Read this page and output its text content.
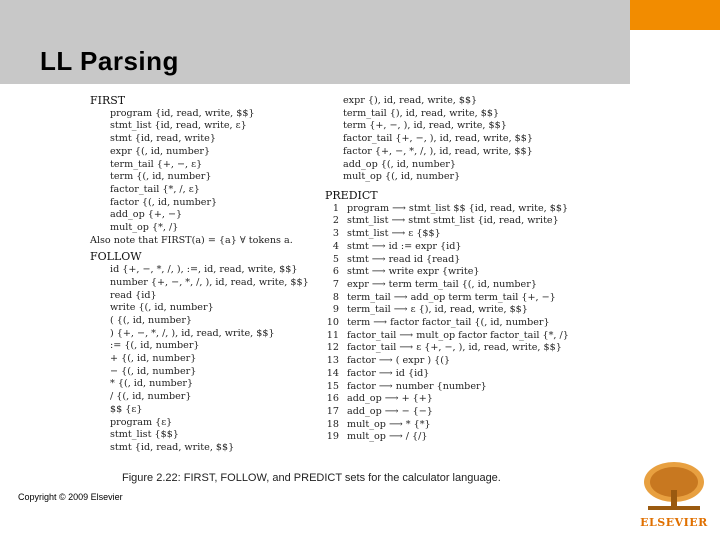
LL Parsing
FIRST
program {id, read, write, $$}
stmt_list {id, read, write, ε}
stmt {id, read, write}
expr {(, id, number}
term_tail {+, −, ε}
term {(, id, number}
factor_tail {*, /, ε}
factor {(, id, number}
add_op {+, −}
mult_op {*, /}
Also note that FIRST(a) = {a} ∀ tokens a.
FOLLOW
id {+, −, *, /, ), :=, id, read, write, $$}
number {+, −, *, /, ), id, read, write, $$}
read {id}
write {(, id, number}
( {(, id, number}
) {+, −, *, /, ), id, read, write, $$}
:= {(, id, number}
+ {(, id, number}
− {(, id, number}
* {(, id, number}
/ {(, id, number}
$$ {ε}
program {ε}
stmt_list {$$}
stmt {id, read, write, $$}
expr {), id, read, write, $$}
term_tail {), id, read, write, $$}
term {+, −, ), id, read, write, $$}
factor_tail {+, −, ), id, read, write, $$}
factor {+, −, *, /, ), id, read, write, $$}
add_op {(, id, number}
mult_op {(, id, number}
PREDICT
1 program ⟶ stmt_list $$ {id, read, write, $$}
2 stmt_list ⟶ stmt stmt_list {id, read, write}
3 stmt_list ⟶ ε {$$}
4 stmt ⟶ id := expr {id}
5 stmt ⟶ read id {read}
6 stmt ⟶ write expr {write}
7 expr ⟶ term term_tail {(, id, number}
8 term_tail ⟶ add_op term term_tail {+, −}
9 term_tail ⟶ ε {), id, read, write, $$}
10 term ⟶ factor factor_tail {(, id, number}
11 factor_tail ⟶ mult_op factor factor_tail {*, /}
12 factor_tail ⟶ ε {+, −, ), id, read, write, $$}
13 factor ⟶ ( expr ) {(}
14 factor ⟶ id {id}
15 factor ⟶ number {number}
16 add_op ⟶ + {+}
17 add_op ⟶ − {−}
18 mult_op ⟶ * {*}
19 mult_op ⟶ / {/}
Figure 2.22: FIRST, FOLLOW, and PREDICT sets for the calculator language.
Copyright © 2009 Elsevier
ELSEVIER
